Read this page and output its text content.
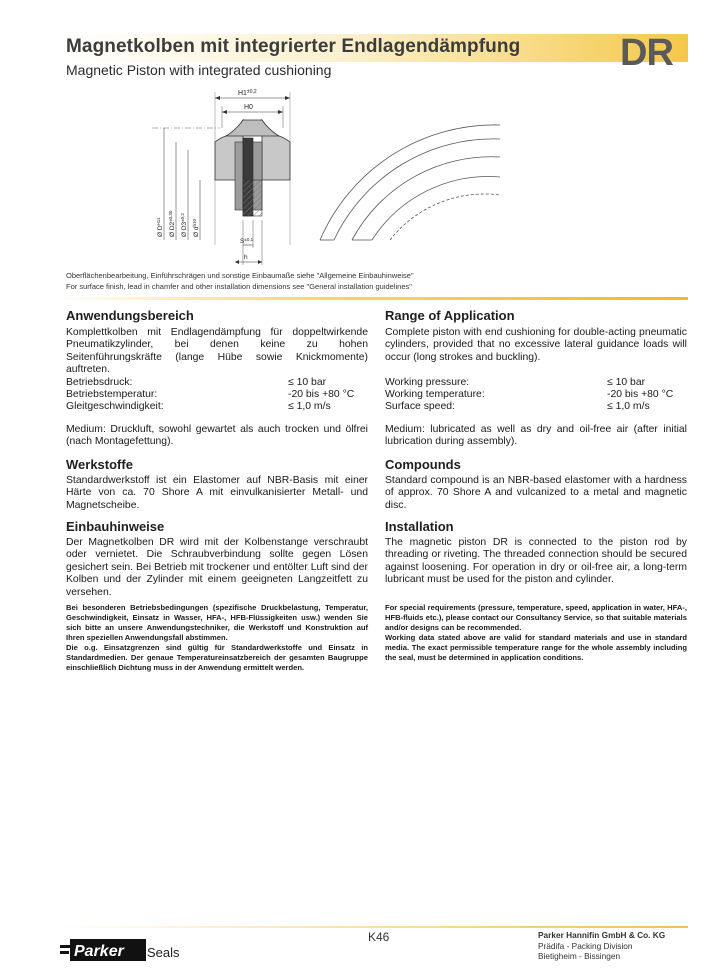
Magnetkolben mit integrierter Endlagendämpfung
Magnetic Piston with integrated cushioning	DR
$H1^{\pm 0,2}$
H0
Ø $D^{H11}$
Ø $D2^{\pm 0,30}$
Ø $D3^{\pm 0,2}$
Ø $d^{h10}$
$S^{\pm 0,1}$
h
Oberflächenbearbeitung, Einführschrägen und sonstige Einbaumaße siehe "Allgemeine Einbauhinweise"
For surface finish, lead in chamfer and other installation dimensions see "General installation guidelines"
Anwendungsbereich
Komplettkolben mit Endlagendämpfung für doppeltwirkende Pneumatikzylinder, bei denen keine zu hohen Seitenführungskräfte (lange Hübe sowie Knickmomente) auftreten.
Betriebsdruck:	≤ 10 bar
Betriebstemperatur:	-20 bis +80 °C
Gleitgeschwindigkeit:	≤ 1,0 m/s
Medium: Druckluft, sowohl gewartet als auch trocken und ölfrei (nach Montagefettung).
Werkstoffe
Standardwerkstoff ist ein Elastomer auf NBR-Basis mit einer Härte von ca. 70 Shore A mit einvulkanisierter Metall- und Magnetscheibe.
Einbauhinweise
Der Magnetkolben DR wird mit der Kolbenstange verschraubt oder vernietet. Die Schraubverbindung sollte gegen Lösen gesichert sein. Bei Betrieb mit trockener und entölter Luft sind der Kolben und der Zylinder mit einem geeigneten Langzeitfett zu versehen.
Bei besonderen Betriebsbedingungen (spezifische Druckbelastung, Temperatur, Geschwindigkeit, Einsatz in Wasser, HFA-, HFB-Flüssigkeiten usw.) wenden Sie sich bitte an unsere Anwendungstechniker, die Werkstoff und Konstruktion auf Ihren speziellen Anwendungsfall abstimmen.
Die o.g. Einsatzgrenzen sind gültig für Standardwerkstoffe und Einsatz in Standardmedien. Der genaue Temperatureinsatzbereich der gesamten Baugruppe einschließlich Dichtung muss in der Anwendung ermittelt werden.
Range of Application
Complete piston with end cushioning for double-acting pneumatic cylinders, provided that no excessive lateral guidance loads will occur (long strokes and buckling).
Working pressure:	≤ 10 bar
Working temperature:	-20 bis +80 °C
Surface speed:	≤ 1,0 m/s
Medium: lubricated as well as dry and oil-free air (after initial lubrication during assembly).
Compounds
Standard compound is an NBR-based elastomer with a hardness of approx. 70 Shore A and vulcanized to a metal and magnetic disc.
Installation
The magnetic piston DR is connected to the piston rod by threading or riveting. The threaded connection should be secured against loosening. For operation in dry or oil-free air, a long-term lubricant must be used for the piston and cylinder.
For special requirements (pressure, temperature, speed, application in water, HFA-, HFB-fluids etc.), please contact our Consultancy Service, so that suitable materials and/or designs can be recommended.
Working data stated above are valid for standard materials and use in standard media. The exact permissible temperature range for the whole assembly including the seal, must be determined in application conditions.
Parker Seals
K46	Parker Hannifin GmbH & Co. KG
Prädifa - Packing Division
Bietigheim - Bissingen
